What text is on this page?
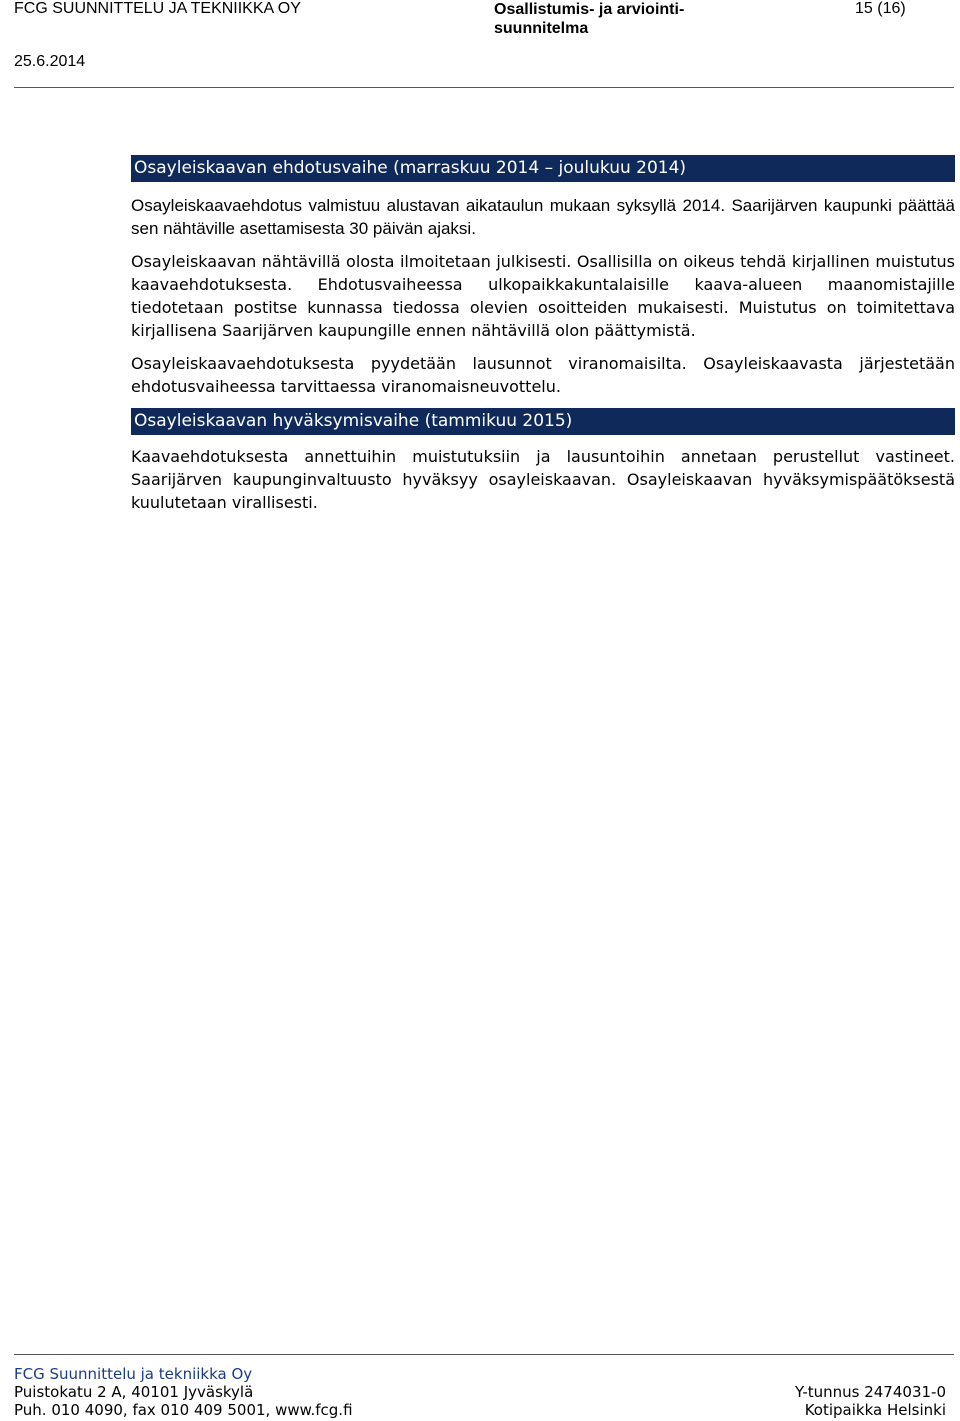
FCG SUUNNITTELU JA TEKNIIKKA OY	Osallistumis- ja arviointi-suunnitelma
15 (16)
25.6.2014
Osayleiskaavan ehdotusvaihe (marraskuu 2014 – joulukuu 2014)

Osayleiskaavaehdotus valmistuu alustavan aikataulun mukaan syksyllä 2014. Saarijärven kaupunki päättää sen nähtäville asettamisesta 30 päivän ajaksi.

Osayleiskaavan nähtävillä olosta ilmoitetaan julkisesti. Osallisilla on oikeus tehdä kirjallinen muistutus kaavaehdotuksesta. Ehdotusvaiheessa ulkopaikkakuntalaisille kaava-alueen maanomistajille tiedotetaan postitse kunnassa tiedossa olevien osoitteiden mukaisesti. Muistutus on toimitettava kirjallisena Saarijärven kaupungille ennen nähtävillä olon päättymistä.

Osayleiskaavaehdotuksesta pyydetään lausunnot viranomaisilta. Osayleiskaavasta järjestetään ehdotusvaiheessa tarvittaessa viranomaisneuvottelu.

Osayleiskaavan hyväksymisvaihe (tammikuu 2015)

Kaavaehdotuksesta annettuihin muistutuksiin ja lausuntoihin annetaan perustellut vastineet. Saarijärven kaupunginvaltuusto hyväksyy osayleiskaavan. Osayleiskaavan hyväksymispäätöksestä kuulutetaan virallisesti.

FCG Suunnittelu ja tekniikka Oy
Puistokatu 2 A, 40101 Jyväskylä	Y-tunnus 2474031-0
Puh. 010 4090, fax 010 409 5001, www.fcg.fi	Kotipaikka Helsinki
